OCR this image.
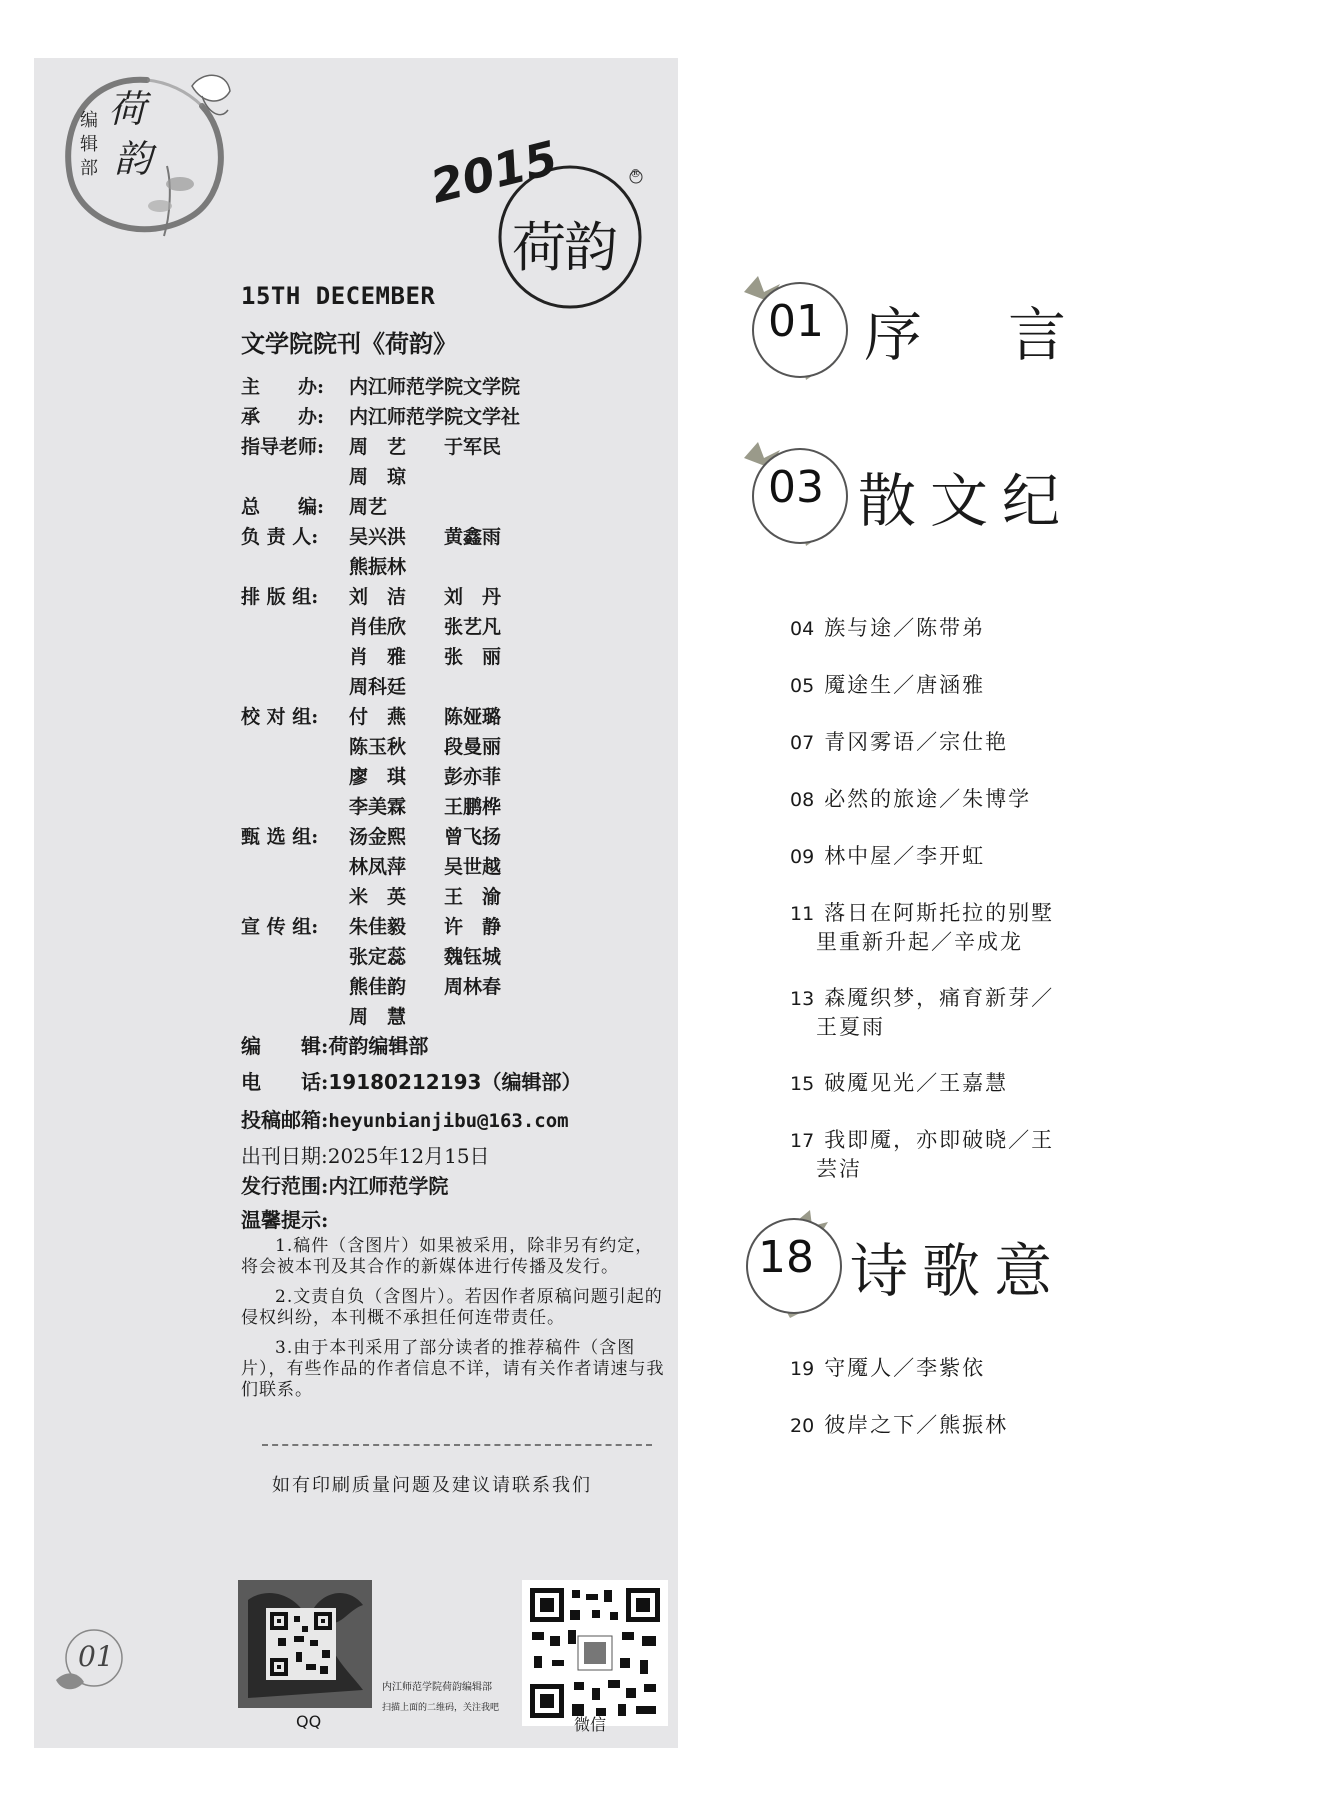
荷
韵
编
辑
部	2015
荷韵
®
15TH DECEMBER
文学院院刊《荷韵》
主　　办:	内江师范学院文学院
承　　办:	内江师范学院文学社
指导老师:	周　艺　　于军民
周　琼
总　　编:	周艺
负 责 人:	吴兴洪　　黄鑫雨
熊振林
排 版 组:	刘　洁　　刘　丹
肖佳欣　　张艺凡
肖　雅　　张　丽
周科廷
校 对 组:	付　燕　　陈娅璐
陈玉秋　　段曼丽
廖　琪　　彭亦菲
李美霖　　王鹏桦
甄 选 组:	汤金熙　　曾飞扬
林凤萍　　吴世越
米　英　　王　渝
宣 传 组:	朱佳毅　　许　静
张定蕊　　魏钰城
熊佳韵　　周林春
周　慧
编　　辑:荷韵编辑部
电　　话:19180212193（编辑部）
投稿邮箱:heyunbianjibu@163.com
出刊日期:2025年12月15日
发行范围:内江师范学院
温馨提示:

1.稿件（含图片）如果被采用，除非另有约定，将会被本刊及其合作的新媒体进行传播及发行。

2.文责自负（含图片）。若因作者原稿问题引起的侵权纠纷，本刊概不承担任何连带责任。

3.由于本刊采用了部分读者的推荐稿件（含图片），有些作品的作者信息不详，请有关作者请速与我们联系。

如有印刷质量问题及建议请联系我们
01
QQ
内江师范学院荷韵编辑部
扫描上面的二维码，关注我吧
微信
01 序　言
03 散文纪
04 族与途／陈带弟
05 魇途生／唐涵雅
07 青冈雾语／宗仕艳
08 必然的旅途／朱博学
09 林中屋／李开虹
11 落日在阿斯托拉的别墅
里重新升起／辛成龙
13 森魇织梦，痛育新芽／
王夏雨
15 破魇见光／王嘉慧
17 我即魇，亦即破晓／王
芸洁
18 诗歌意
19 守魇人／李紫依
20 彼岸之下／熊振林
